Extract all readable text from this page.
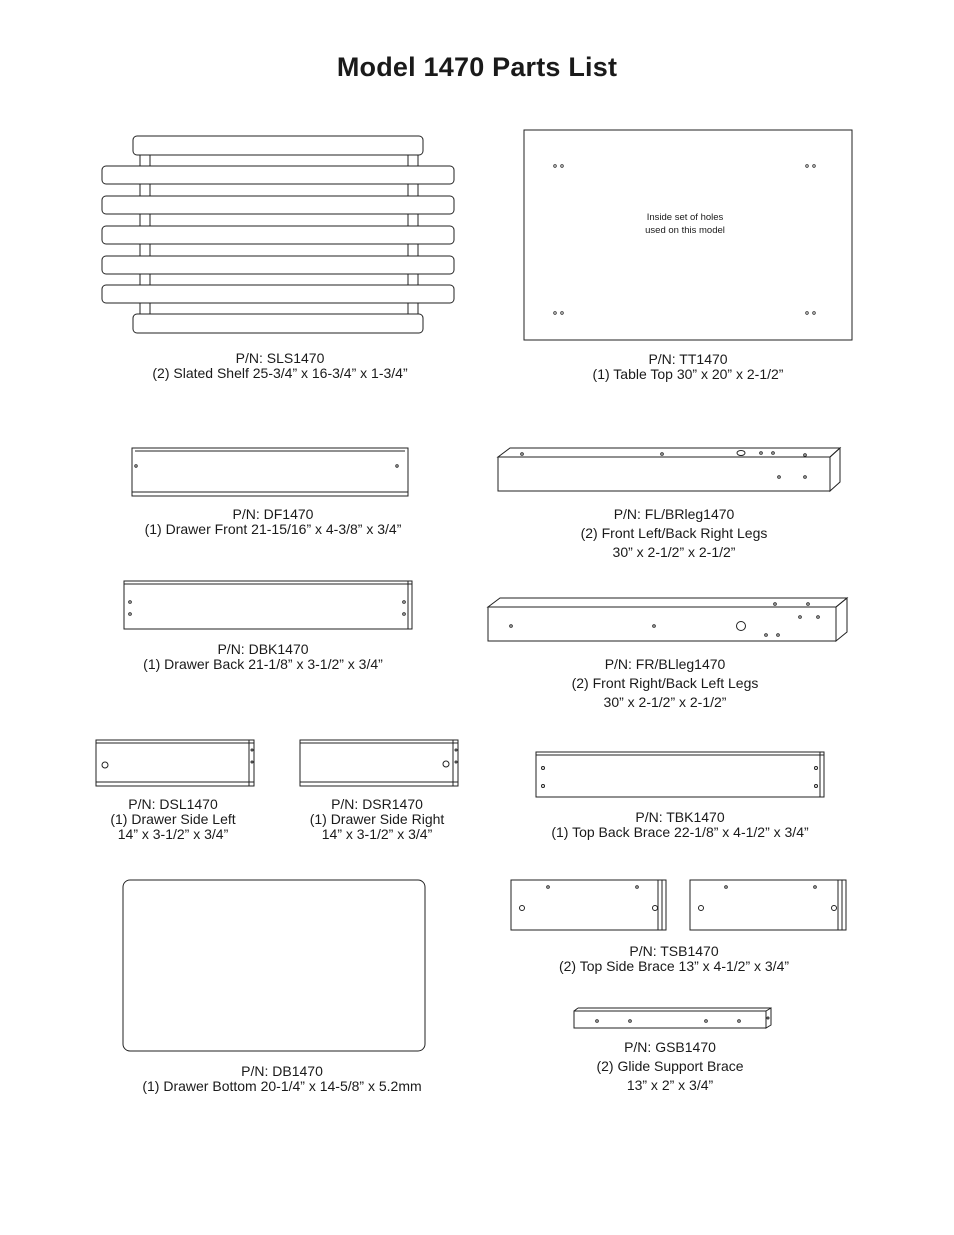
Model 1470 Parts List
Inside set of holes
used on this model
P/N: SLS1470
(2) Slated Shelf 25-3/4” x 16-3/4” x 1-3/4”
P/N: TT1470
(1) Table Top 30” x 20” x 2-1/2”
P/N: DF1470
(1) Drawer Front 21-15/16” x 4-3/8” x 3/4”
P/N: FL/BRleg1470
(2) Front Left/Back Right Legs
30” x 2-1/2” x 2-1/2”
P/N: DBK1470
(1) Drawer Back 21-1/8” x 3-1/2” x 3/4”	P/N: FR/BLleg1470
(2) Front Right/Back Left Legs
30” x 2-1/2” x 2-1/2”
P/N: DSL1470
(1) Drawer Side Left
14” x 3-1/2” x 3/4”
P/N: DSR1470
(1) Drawer Side Right
14” x 3-1/2” x 3/4”
P/N: TBK1470
(1) Top Back Brace 22-1/8” x 4-1/2” x 3/4”
P/N: TSB1470
(2) Top Side Brace 13” x 4-1/2” x 3/4”
P/N: DB1470
(1) Drawer Bottom 20-1/4” x 14-5/8” x 5.2mm
P/N: GSB1470
(2) Glide Support Brace
13” x 2” x 3/4”
